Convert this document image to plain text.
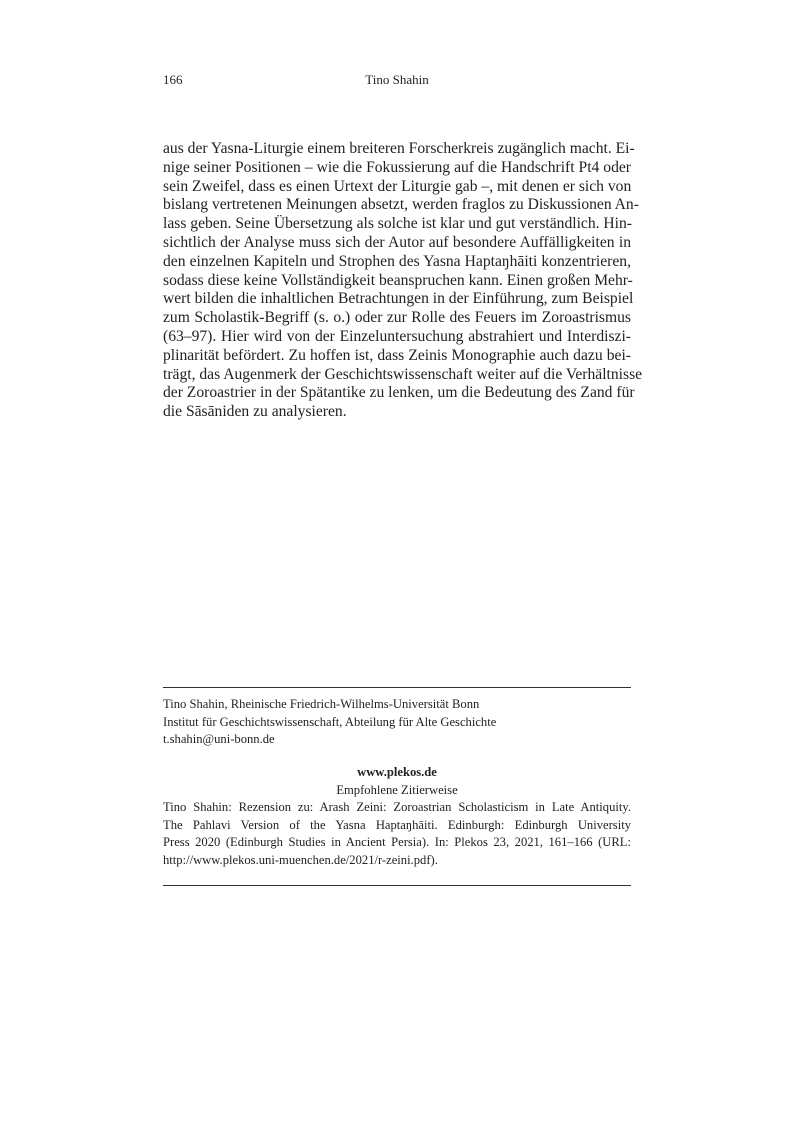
166	Tino Shahin
aus der Yasna-Liturgie einem breiteren Forscherkreis zugänglich macht. Ei-
nige seiner Positionen – wie die Fokussierung auf die Handschrift Pt4 oder
sein Zweifel, dass es einen Urtext der Liturgie gab –, mit denen er sich von
bislang vertretenen Meinungen absetzt, werden fraglos zu Diskussionen An-
lass geben. Seine Übersetzung als solche ist klar und gut verständlich. Hin-
sichtlich der Analyse muss sich der Autor auf besondere Auffälligkeiten in
den einzelnen Kapiteln und Strophen des Yasna Haptaŋhāiti konzentrieren,
sodass diese keine Vollständigkeit beanspruchen kann. Einen großen Mehr-
wert bilden die inhaltlichen Betrachtungen in der Einführung, zum Beispiel
zum Scholastik-Begriff (s. o.) oder zur Rolle des Feuers im Zoroastrismus
(63–97). Hier wird von der Einzeluntersuchung abstrahiert und Interdiszi-
plinarität befördert. Zu hoffen ist, dass Zeinis Monographie auch dazu bei-
trägt, das Augenmerk der Geschichtswissenschaft weiter auf die Verhältnisse
der Zoroastrier in der Spätantike zu lenken, um die Bedeutung des Zand für
die Sāsāniden zu analysieren.
Tino Shahin, Rheinische Friedrich-Wilhelms-Universität Bonn
Institut für Geschichtswissenschaft, Abteilung für Alte Geschichte
t.shahin@uni-bonn.de
www.plekos.de
Empfohlene Zitierweise
Tino Shahin: Rezension zu: Arash Zeini: Zoroastrian Scholasticism in Late Antiquity.
The Pahlavi Version of the Yasna Haptaŋhāiti. Edinburgh: Edinburgh University
Press 2020 (Edinburgh Studies in Ancient Persia). In: Plekos 23, 2021, 161–166 (URL:
http://www.plekos.uni-muenchen.de/2021/r-zeini.pdf).
